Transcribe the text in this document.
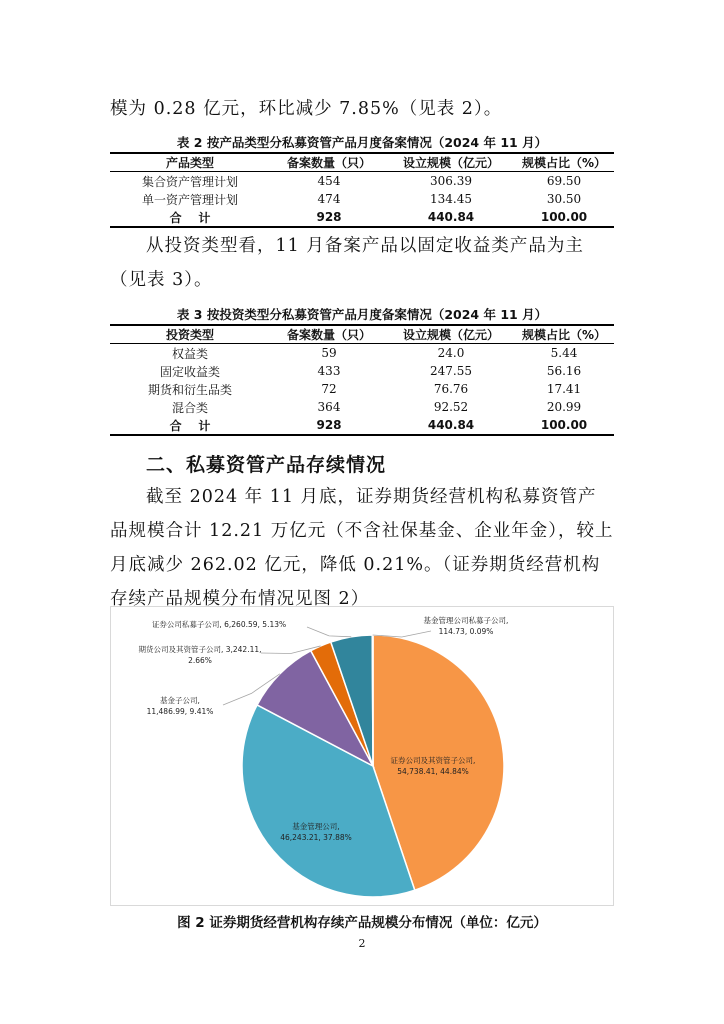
模为 0.28 亿元，环比减少 7.85%（见表 2）。

表 2 按产品类型分私募资管产品月度备案情况（2024 年 11 月）
产品类型	备案数量（只）	设立规模（亿元）	规模占比（%）
集合资产管理计划	454	306.39	69.50
单一资产管理计划	474	134.45	30.50
合    计	928	440.84	100.00

从投资类型看，11 月备案产品以固定收益类产品为主（见表 3）。

表 3 按投资类型分私募资管产品月度备案情况（2024 年 11 月）
投资类型	备案数量（只）	设立规模（亿元）	规模占比（%）
权益类	59	24.0	5.44
固定收益类	433	247.55	56.16
期货和衍生品类	72	76.76	17.41
混合类	364	92.52	20.99
合    计	928	440.84	100.00
二、私募资管产品存续情况

截至 2024 年 11 月底，证券期货经营机构私募资管产品规模合计 12.21 万亿元（不含社保基金、企业年金），较上月底减少 262.02 亿元，降低 0.21%。（证券期货经营机构存续产品规模分布情况见图 2）

证券公司及其资管子公司,
54,738.41, 44.84%
基金管理公司,
46,243.21, 37.88%
基金子公司,
11,486.99, 9.41%
期货公司及其资管子公司, 3,242.11,
2.66%
证券公司私募子公司, 6,260.59, 5.13%	基金管理公司私募子公司,
114.73, 0.09%
图 2 证券期货经营机构存续产品规模分布情况（单位：亿元）
2
